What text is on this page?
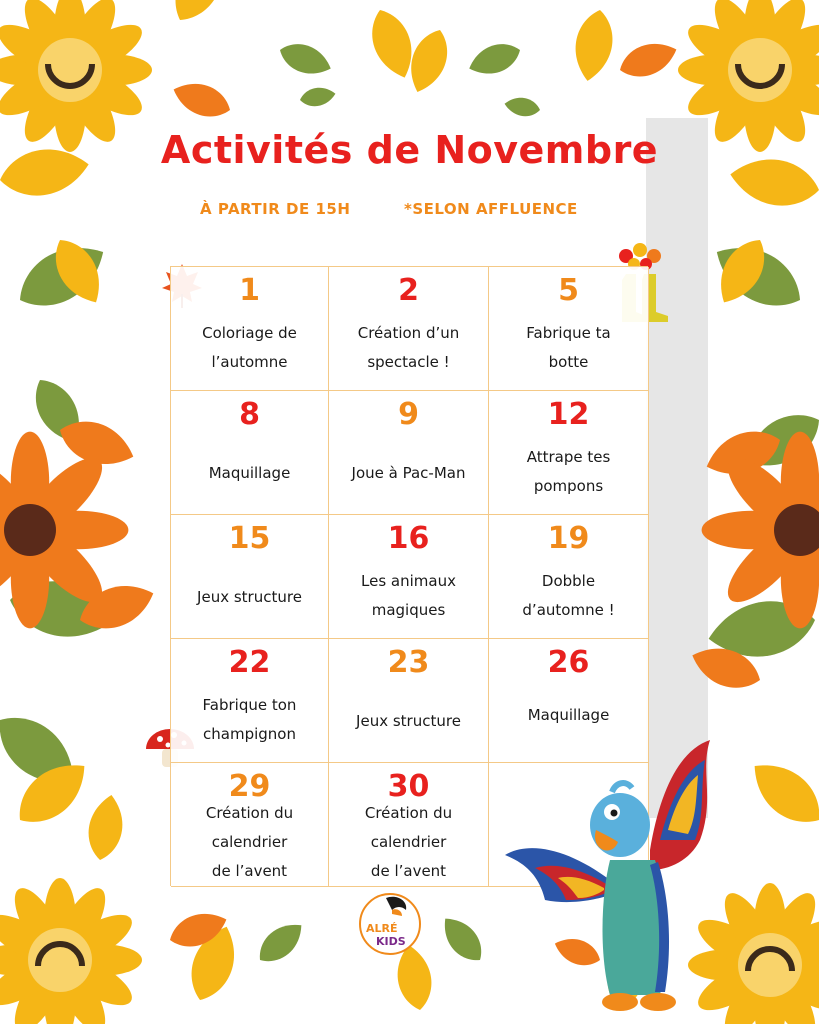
Activités de Novembre
À PARTIR DE 15H	*SELON AFFLUENCE
1
Coloriage de
l’automne
2
Création d’un
spectacle !
5
Fabrique ta
botte
8
Maquillage
9
Joue à Pac-Man
12
Attrape tes
pompons
15
Jeux structure
16
Les animaux
magiques
19
Dobble
d’automne !
22
Fabrique ton
champignon
23
Jeux structure
26
Maquillage
29
Création du
calendrier
de l’avent
30
Création du
calendrier
de l’avent
ALRÉ
KIDS
